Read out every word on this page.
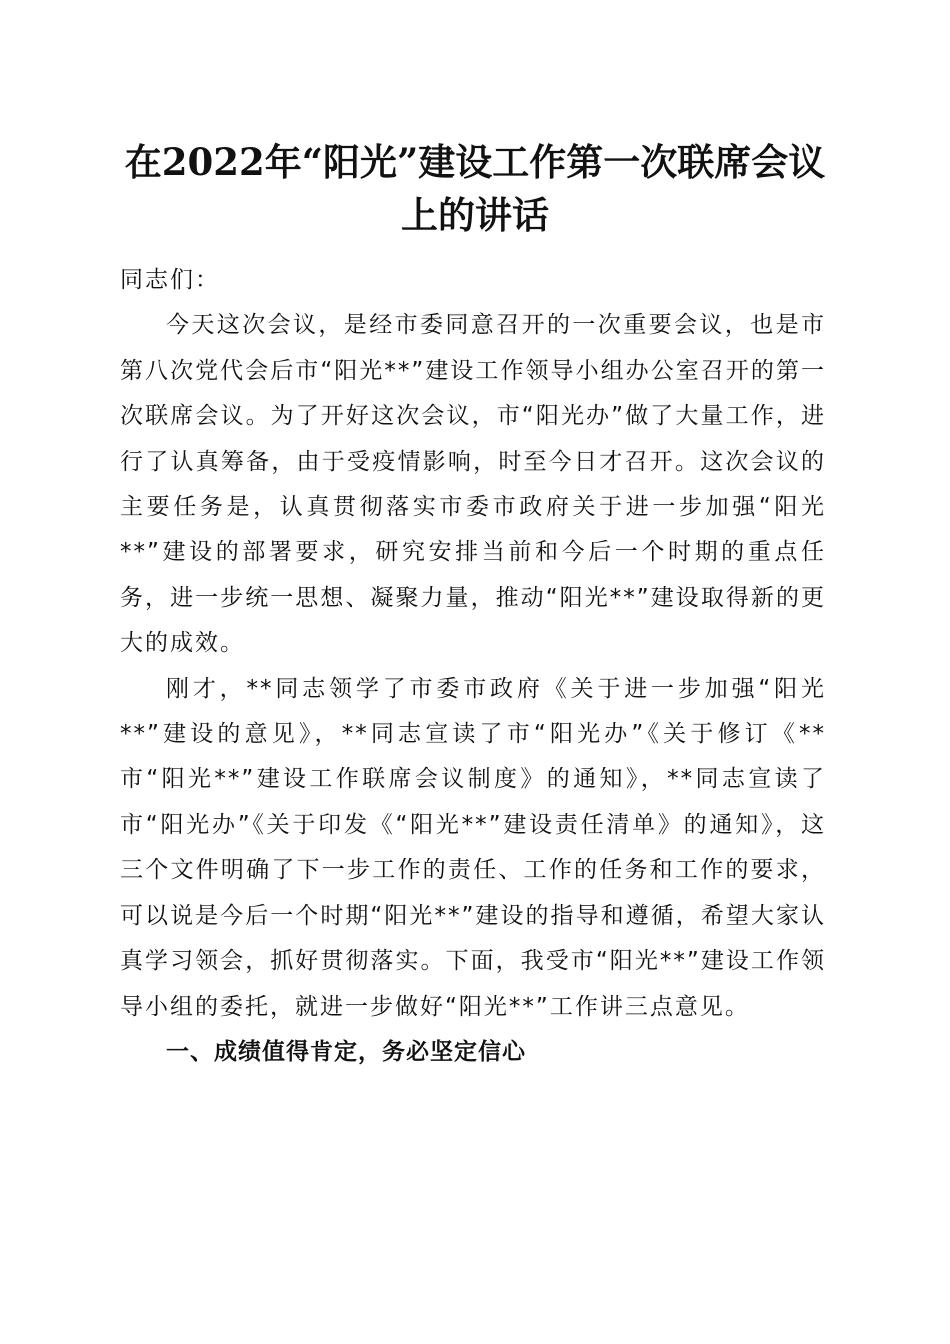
在2022年“阳光”建设工作第一次联席会议
上的讲话

同志们：

今天这次会议，是经市委同意召开的一次重要会议，也是市第八次党代会后市“阳光**”建设工作领导小组办公室召开的第一次联席会议。为了开好这次会议，市“阳光办”做了大量工作，进行了认真筹备，由于受疫情影响，时至今日才召开。这次会议的主要任务是，认真贯彻落实市委市政府关于进一步加强“阳光**”建设的部署要求，研究安排当前和今后一个时期的重点任务，进一步统一思想、凝聚力量，推动“阳光**”建设取得新的更大的成效。

刚才，**同志领学了市委市政府《关于进一步加强“阳光**”建设的意见》，**同志宣读了市“阳光办”《关于修订《**市“阳光**”建设工作联席会议制度》的通知》，**同志宣读了市“阳光办”《关于印发《“阳光**”建设责任清单》的通知》，这三个文件明确了下一步工作的责任、工作的任务和工作的要求，可以说是今后一个时期“阳光**”建设的指导和遵循，希望大家认真学习领会，抓好贯彻落实。下面，我受市“阳光**”建设工作领导小组的委托，就进一步做好“阳光**”工作讲三点意见。

一、成绩值得肯定，务必坚定信心
